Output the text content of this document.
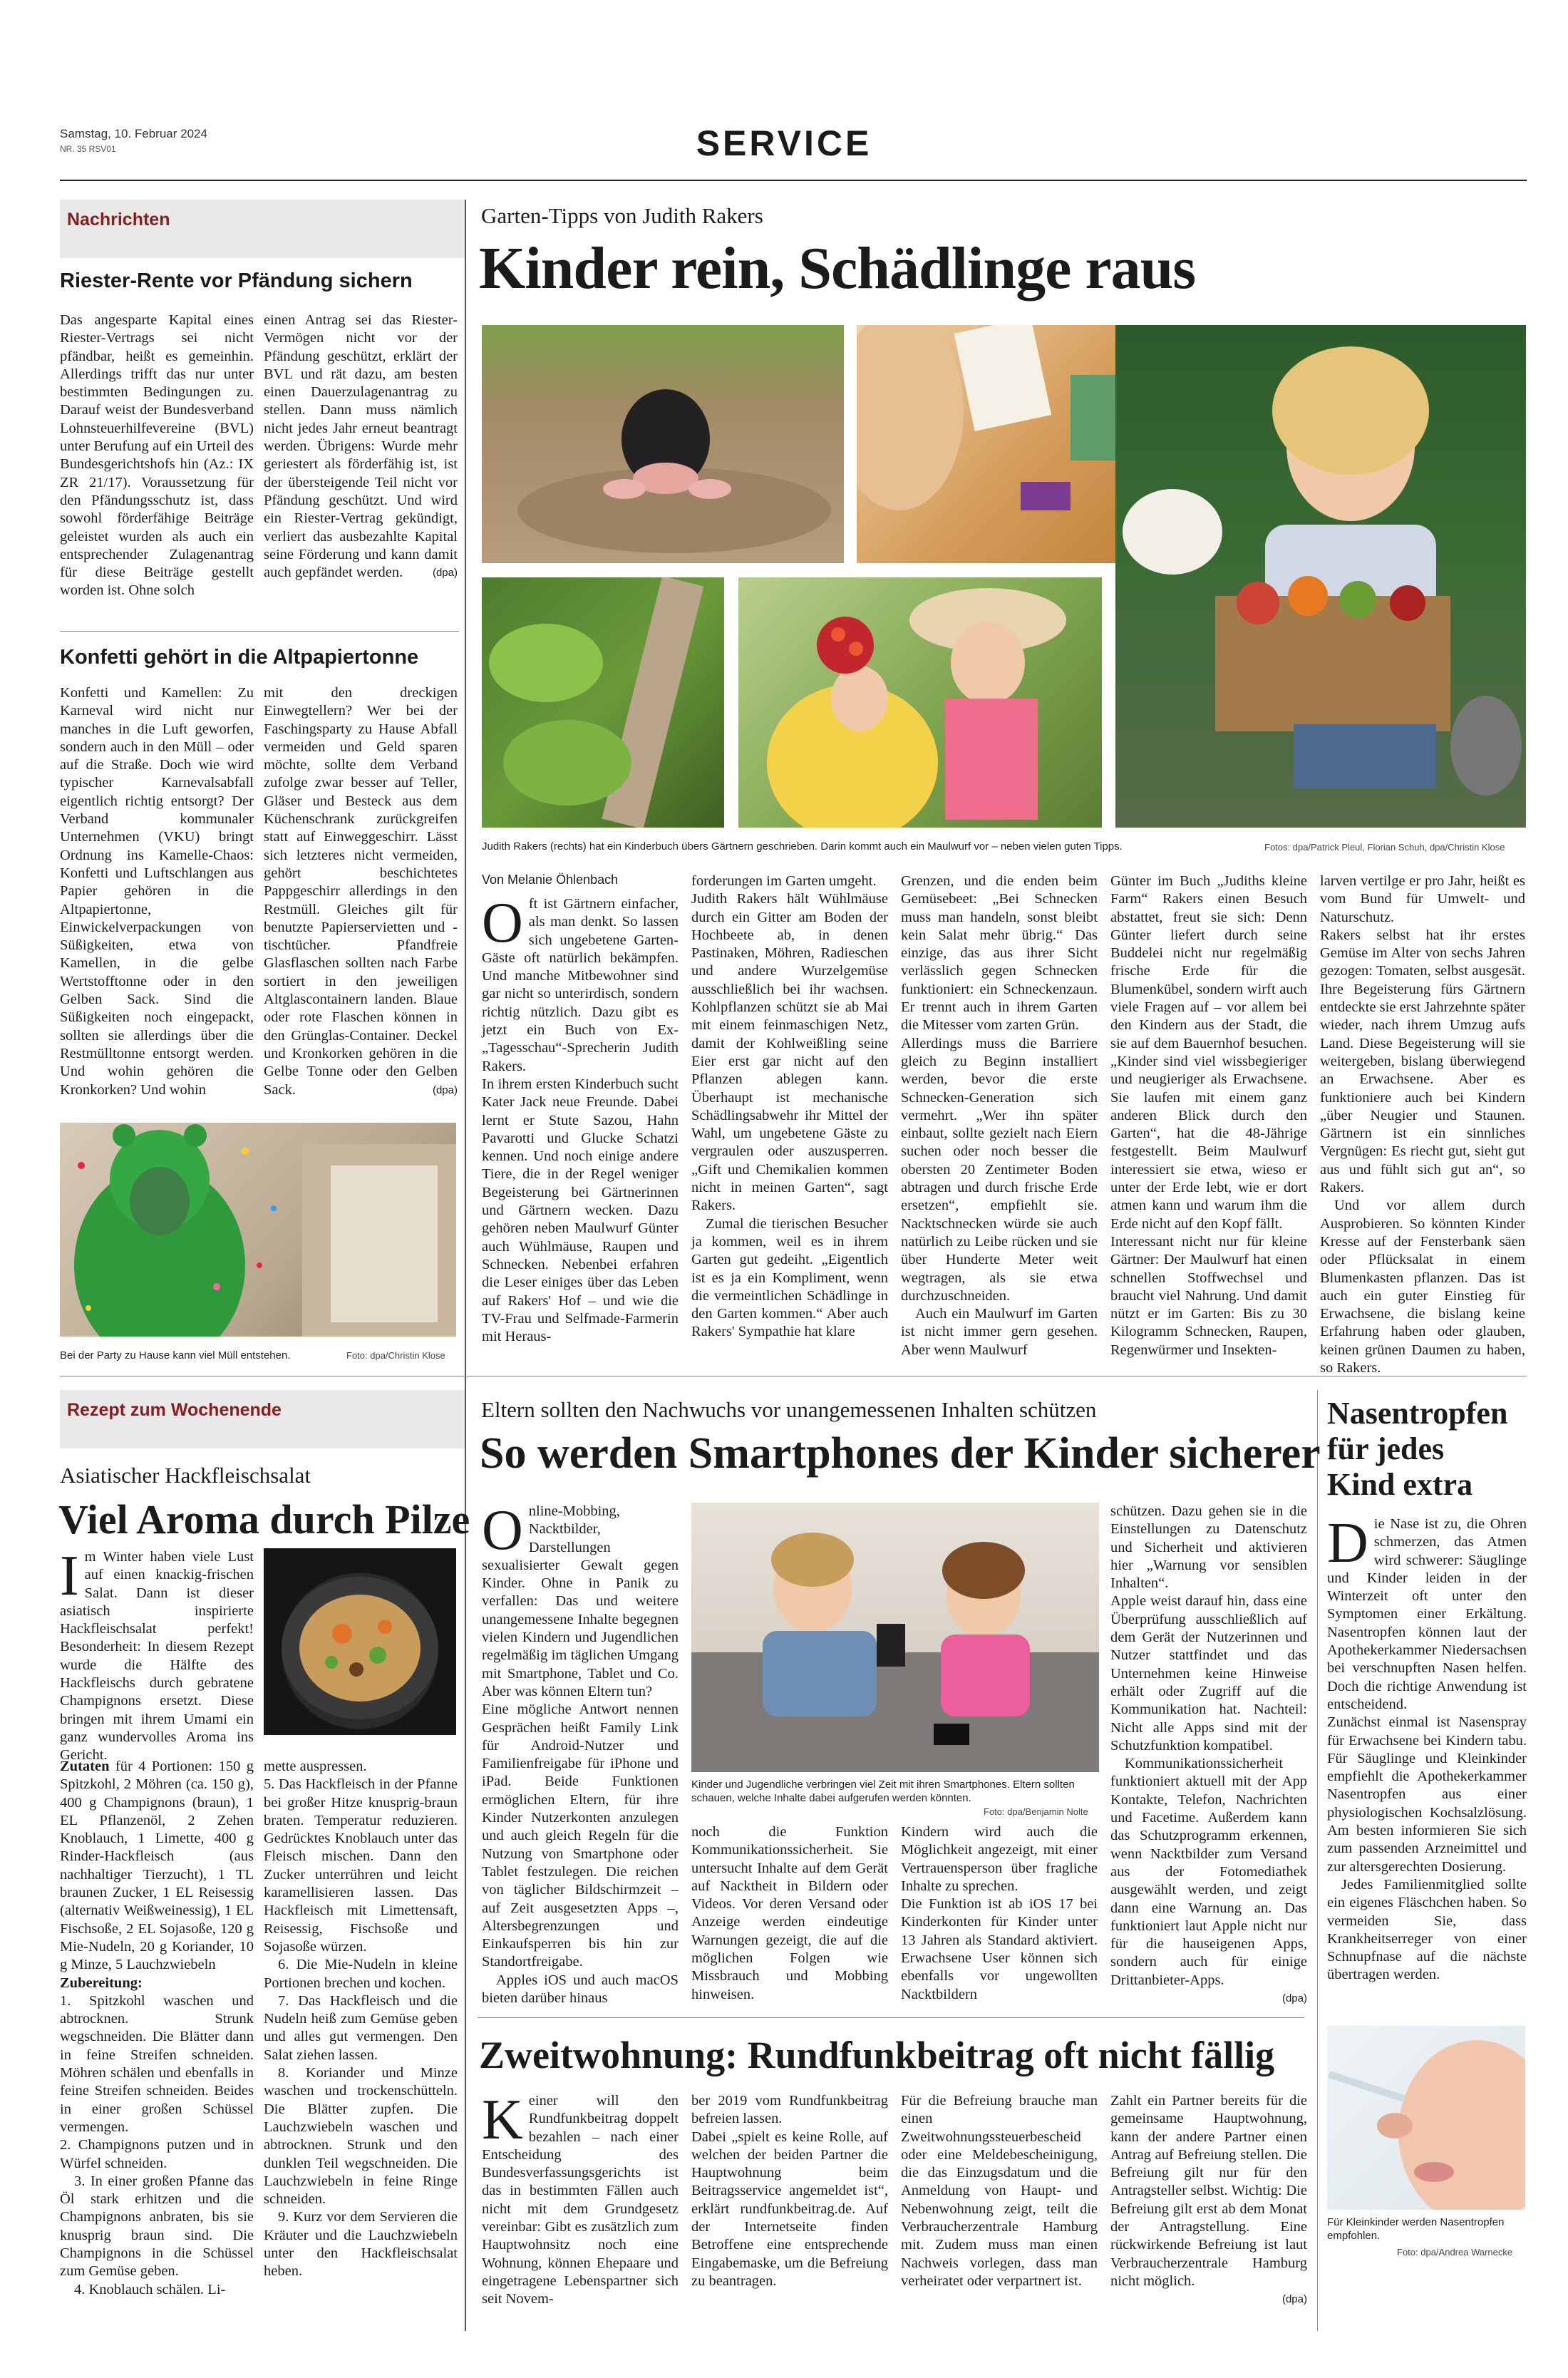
Samstag, 10. Februar 2024
NR. 35 RSV01	SERVICE
Nachrichten
Riester-Rente vor Pfändung sichern
Das angesparte Kapital eines Riester-Vertrags sei nicht pfändbar, heißt es gemeinhin. Allerdings trifft das nur unter bestimmten Bedingungen zu. Darauf weist der Bundesverband Lohnsteuerhilfevereine (BVL) unter Berufung auf ein Urteil des Bundesgerichtshofs hin (Az.: IX ZR 21/17). Voraussetzung für den Pfändungsschutz ist, dass sowohl förderfähige Beiträge geleistet wurden als auch ein entsprechender Zulagenantrag für diese Beiträge gestellt worden ist. Ohne solch
einen Antrag sei das Riester-Vermögen nicht vor der Pfändung geschützt, erklärt der BVL und rät dazu, am besten einen Dauerzulagenantrag zu stellen. Dann muss nämlich nicht jedes Jahr erneut beantragt werden. Übrigens: Wurde mehr geriestert als förderfähig ist, ist der übersteigende Teil nicht vor Pfändung geschützt. Und wird ein Riester-Vertrag gekündigt, verliert das ausbezahlte Kapital seine Förderung und kann damit auch gepfändet werden.	(dpa)
Konfetti gehört in die Altpapiertonne
Konfetti und Kamellen: Zu Karneval wird nicht nur manches in die Luft geworfen, sondern auch in den Müll – oder auf die Straße. Doch wie wird typischer Karnevalsabfall eigentlich richtig entsorgt? Der Verband kommunaler Unternehmen (VKU) bringt Ordnung ins Kamelle-Chaos: Konfetti und Luftschlangen aus Papier gehören in die Altpapiertonne, Einwickelverpackungen von Süßigkeiten, etwa von Kamellen, in die gelbe Wertstofftonne oder in den Gelben Sack. Sind die Süßigkeiten noch eingepackt, sollten sie allerdings über die Restmülltonne entsorgt werden. Und wohin gehören die Kronkorken? Und wohin
mit den dreckigen Einwegtellern? Wer bei der Faschingsparty zu Hause Abfall vermeiden und Geld sparen möchte, sollte dem Verband zufolge zwar besser auf Teller, Gläser und Besteck aus dem Küchenschrank zurückgreifen statt auf Einweggeschirr. Lässt sich letzteres nicht vermeiden, gehört beschichtetes Pappgeschirr allerdings in den Restmüll. Gleiches gilt für benutzte Papierservietten und -tischtücher. Pfandfreie Glasflaschen sollten nach Farbe sortiert in den jeweiligen Altglascontainern landen. Blaue oder rote Flaschen können in den Grünglas-Container. Deckel und Kronkorken gehören in die Gelbe Tonne oder den Gelben Sack.	(dpa)
Bei der Party zu Hause kann viel Müll entstehen.	Foto: dpa/Christin Klose
Garten-Tipps von Judith Rakers
Kinder rein, Schädlinge raus
Judith Rakers (rechts) hat ein Kinderbuch übers Gärtnern geschrieben. Darin kommt auch ein Maulwurf vor – neben vielen guten Tipps.	Fotos: dpa/Patrick Pleul, Florian Schuh, dpa/Christin Klose
Von Melanie Öhlenbach
O ft ist Gärtnern einfacher, als man denkt. So lassen sich ungebetene Garten-Gäste oft natürlich bekämpfen. Und manche Mitbewohner sind gar nicht so unterirdisch, sondern richtig nützlich. Dazu gibt es jetzt ein Buch von Ex-„Tagesschau“-Sprecherin Judith Rakers.

In ihrem ersten Kinderbuch sucht Kater Jack neue Freunde. Dabei lernt er Stute Sazou, Hahn Pavarotti und Glucke Schatzi kennen. Und noch einige andere Tiere, die in der Regel weniger Begeisterung bei Gärtnerinnen und Gärtnern wecken. Dazu gehören neben Maulwurf Günter auch Wühlmäuse, Raupen und Schnecken. Nebenbei erfahren die Leser einiges über das Leben auf Rakers' Hof – und wie die TV-Frau und Selfmade-Farmerin mit Heraus-

forderungen im Garten umgeht.

Judith Rakers hält Wühlmäuse durch ein Gitter am Boden der Hochbeete ab, in denen Pastinaken, Möhren, Radieschen und andere Wurzelgemüse ausschließlich bei ihr wachsen. Kohlpflanzen schützt sie ab Mai mit einem feinmaschigen Netz, damit der Kohlweißling seine Eier erst gar nicht auf den Pflanzen ablegen kann. Überhaupt ist mechanische Schädlingsabwehr ihr Mittel der Wahl, um ungebetene Gäste zu vergraulen oder auszusperren. „Gift und Chemikalien kommen nicht in meinen Garten“, sagt Rakers.

Zumal die tierischen Besucher ja kommen, weil es in ihrem Garten gut gedeiht. „Eigentlich ist es ja ein Kompliment, wenn die vermeintlichen Schädlinge in den Garten kommen.“ Aber auch Rakers' Sympathie hat klare

Grenzen, und die enden beim Gemüsebeet: „Bei Schnecken muss man handeln, sonst bleibt kein Salat mehr übrig.“ Das einzige, das aus ihrer Sicht verlässlich gegen Schnecken funktioniert: ein Schneckenzaun. Er trennt auch in ihrem Garten die Mitesser vom zarten Grün.

Allerdings muss die Barriere gleich zu Beginn installiert werden, bevor die erste Schnecken-Generation sich vermehrt. „Wer ihn später einbaut, sollte gezielt nach Eiern suchen oder noch besser die obersten 20 Zentimeter Boden abtragen und durch frische Erde ersetzen“, empfiehlt sie. Nacktschnecken würde sie auch natürlich zu Leibe rücken und sie über Hunderte Meter weit wegtragen, als sie etwa durchzuschneiden.

Auch ein Maulwurf im Garten ist nicht immer gern gesehen. Aber wenn Maulwurf

Günter im Buch „Judiths kleine Farm“ Rakers einen Besuch abstattet, freut sie sich: Denn Günter liefert durch seine Buddelei nicht nur regelmäßig frische Erde für die Blumenkübel, sondern wirft auch viele Fragen auf – vor allem bei den Kindern aus der Stadt, die sie auf dem Bauernhof besuchen. „Kinder sind viel wissbegieriger und neugieriger als Erwachsene. Sie laufen mit einem ganz anderen Blick durch den Garten“, hat die 48-Jährige festgestellt. Beim Maulwurf interessiert sie etwa, wieso er unter der Erde lebt, wie er dort atmen kann und warum ihm die Erde nicht auf den Kopf fällt.

Interessant nicht nur für kleine Gärtner: Der Maulwurf hat einen schnellen Stoffwechsel und braucht viel Nahrung. Und damit nützt er im Garten: Bis zu 30 Kilogramm Schnecken, Raupen, Regenwürmer und Insekten-

larven vertilge er pro Jahr, heißt es vom Bund für Umwelt- und Naturschutz.

Rakers selbst hat ihr erstes Gemüse im Alter von sechs Jahren gezogen: Tomaten, selbst ausgesät. Ihre Begeisterung fürs Gärtnern entdeckte sie erst Jahrzehnte später wieder, nach ihrem Umzug aufs Land. Diese Begeisterung will sie weitergeben, bislang überwiegend an Erwachsene. Aber es funktioniere auch bei Kindern „über Neugier und Staunen. Gärtnern ist ein sinnliches Vergnügen: Es riecht gut, sieht gut aus und fühlt sich gut an“, so Rakers.

Und vor allem durch Ausprobieren. So könnten Kinder Kresse auf der Fensterbank säen oder Pflücksalat in einem Blumenkasten pflanzen. Das ist auch ein guter Einstieg für Erwachsene, die bislang keine Erfahrung haben oder glauben, keinen grünen Daumen zu haben, so Rakers.

Rezept zum Wochenende
Asiatischer Hackfleischsalat
Viel Aroma durch Pilze
Im Winter haben viele Lust auf einen knackig-frischen Salat. Dann ist dieser asiatisch inspirierte Hackfleischsalat perfekt! Besonderheit: In diesem Rezept wurde die Hälfte des Hackfleischs durch gebratene Champignons ersetzt. Diese bringen mit ihrem Umami ein ganz wundervolles Aroma ins Gericht.
Zutaten für 4 Portionen: 150 g Spitzkohl, 2 Möhren (ca. 150 g), 400 g Champignons (braun), 1 EL Pflanzenöl, 2 Zehen Knoblauch, 1 Limette, 400 g Rinder-Hackfleisch (aus nachhaltiger Tierzucht), 1 TL braunen Zucker, 1 EL Reisessig (alternativ Weißweinessig), 1 EL Fischsoße, 2 EL Sojasoße, 120 g Mie-Nudeln, 20 g Koriander, 10 g Minze, 5 Lauchzwiebeln
Zubereitung:
1. Spitzkohl waschen und abtrocknen. Strunk wegschneiden. Die Blätter dann in feine Streifen schneiden. Möhren schälen und ebenfalls in feine Streifen schneiden. Beides in einer großen Schüssel vermengen.

2. Champignons putzen und in Würfel schneiden.

3. In einer großen Pfanne das Öl stark erhitzen und die Champignons anbraten, bis sie knusprig braun sind. Die Champignons in die Schüssel zum Gemüse geben.

4. Knoblauch schälen. Li-

mette auspressen.

5. Das Hackfleisch in der Pfanne bei großer Hitze knusprig-braun braten. Temperatur reduzieren. Gedrücktes Knoblauch unter das Fleisch mischen. Dann den Zucker unterrühren und leicht karamellisieren lassen. Das Hackfleisch mit Limettensaft, Reisessig, Fischsoße und Sojasoße würzen.

6. Die Mie-Nudeln in kleine Portionen brechen und kochen.

7. Das Hackfleisch und die Nudeln heiß zum Gemüse geben und alles gut vermengen. Den Salat ziehen lassen.

8. Koriander und Minze waschen und trockenschütteln. Die Blätter zupfen. Die Lauchzwiebeln waschen und abtrocknen. Strunk und den dunklen Teil wegschneiden. Die Lauchzwiebeln in feine Ringe schneiden.

9. Kurz vor dem Servieren die Kräuter und die Lauchzwiebeln unter den Hackfleischsalat heben.

Eltern sollten den Nachwuchs vor unangemessenen Inhalten schützen
So werden Smartphones der Kinder sicherer
O nline-Mobbing, Nacktbilder, Darstellungen sexualisierter Gewalt gegen Kinder. Ohne in Panik zu verfallen: Das und weitere unangemessene Inhalte begegnen vielen Kindern und Jugendlichen regelmäßig im täglichen Umgang mit Smartphone, Tablet und Co. Aber was können Eltern tun?

Eine mögliche Antwort nennen Gesprächen heißt Family Link für Android-Nutzer und Familienfreigabe für iPhone und iPad. Beide Funktionen ermöglichen Eltern, für ihre Kinder Nutzerkonten anzulegen und auch gleich Regeln für die Nutzung von Smartphone oder Tablet festzulegen. Die reichen von täglicher Bildschirmzeit – auf Zeit ausgesetzten Apps –, Altersbegrenzungen und Einkaufsperren bis hin zur Standortfreigabe.

Apples iOS und auch macOS bieten darüber hinaus

Kinder und Jugendliche verbringen viel Zeit mit ihren Smartphones. Eltern sollten schauen, welche Inhalte dabei aufgerufen werden könnten.
Foto: dpa/Benjamin Nolte
noch die Funktion Kommunikationssicherheit. Sie untersucht Inhalte auf dem Gerät auf Nacktheit in Bildern oder Videos. Vor deren Versand oder Anzeige werden eindeutige Warnungen gezeigt, die auf die möglichen Folgen wie Missbrauch und Mobbing hinweisen.
Kindern wird auch die Möglichkeit angezeigt, mit einer Vertrauensperson über fragliche Inhalte zu sprechen.

Die Funktion ist ab iOS 17 bei Kinderkonten für Kinder unter 13 Jahren als Standard aktiviert. Erwachsene User können sich ebenfalls vor ungewollten Nacktbildern

schützen. Dazu gehen sie in die Einstellungen zu Datenschutz und Sicherheit und aktivieren hier „Warnung vor sensiblen Inhalten“.

Apple weist darauf hin, dass eine Überprüfung ausschließlich auf dem Gerät der Nutzerinnen und Nutzer stattfindet und das Unternehmen keine Hinweise erhält oder Zugriff auf die Kommunikation hat. Nachteil: Nicht alle Apps sind mit der Schutzfunktion kompatibel.

Kommunikationssicherheit funktioniert aktuell mit der App Kontakte, Telefon, Nachrichten und Facetime. Außerdem kann das Schutzprogramm erkennen, wenn Nacktbilder zum Versand aus der Fotomediathek ausgewählt werden, und zeigt dann eine Warnung an. Das funktioniert laut Apple nicht nur für die hauseigenen Apps, sondern auch für einige Drittanbieter-Apps.

(dpa)
Zweitwohnung: Rundfunkbeitrag oft nicht fällig
Keiner will den Rundfunkbeitrag doppelt bezahlen – nach einer Entscheidung des Bundesverfassungsgerichts ist das in bestimmten Fällen auch nicht mit dem Grundgesetz vereinbar: Gibt es zusätzlich zum Hauptwohnsitz noch eine Wohnung, können Ehepaare und eingetragene Lebenspartner sich seit Novem-
ber 2019 vom Rundfunkbeitrag befreien lassen.

Dabei „spielt es keine Rolle, auf welchen der beiden Partner die Hauptwohnung beim Beitragsservice angemeldet ist“, erklärt rundfunkbeitrag.de. Auf der Internetseite finden Betroffene eine entsprechende Eingabemaske, um die Befreiung zu beantragen.

Für die Befreiung brauche man einen Zweitwohnungssteuerbescheid oder eine Meldebescheinigung, die das Einzugsdatum und die Anmeldung von Haupt- und Nebenwohnung zeigt, teilt die Verbraucherzentrale Hamburg mit. Zudem muss man einen Nachweis vorlegen, dass man verheiratet oder verpartnert ist.
Zahlt ein Partner bereits für die gemeinsame Hauptwohnung, kann der andere Partner einen Antrag auf Befreiung stellen. Die Befreiung gilt nur für den Antragsteller selbst. Wichtig: Die Befreiung gilt erst ab dem Monat der Antragstellung. Eine rückwirkende Befreiung ist laut Verbraucherzentrale Hamburg nicht möglich.
(dpa)
Nasentropfen
für jedes
Kind extra
D ie Nase ist zu, die Ohren schmerzen, das Atmen wird schwerer: Säuglinge und Kinder leiden in der Winterzeit oft unter den Symptomen einer Erkältung. Nasentropfen können laut der Apothekerkammer Niedersachsen bei verschnupften Nasen helfen. Doch die richtige Anwendung ist entscheidend.

Zunächst einmal ist Nasenspray für Erwachsene bei Kindern tabu. Für Säuglinge und Kleinkinder empfiehlt die Apothekerkammer Nasentropfen aus einer physiologischen Kochsalzlösung. Am besten informieren Sie sich zum passenden Arzneimittel und zur altersgerechten Dosierung.

Jedes Familienmitglied sollte ein eigenes Fläschchen haben. So vermeiden Sie, dass Krankheitserreger von einer Schnupfnase auf die nächste übertragen werden.

Für Kleinkinder werden Nasentropfen empfohlen.
Foto: dpa/Andrea Warnecke
